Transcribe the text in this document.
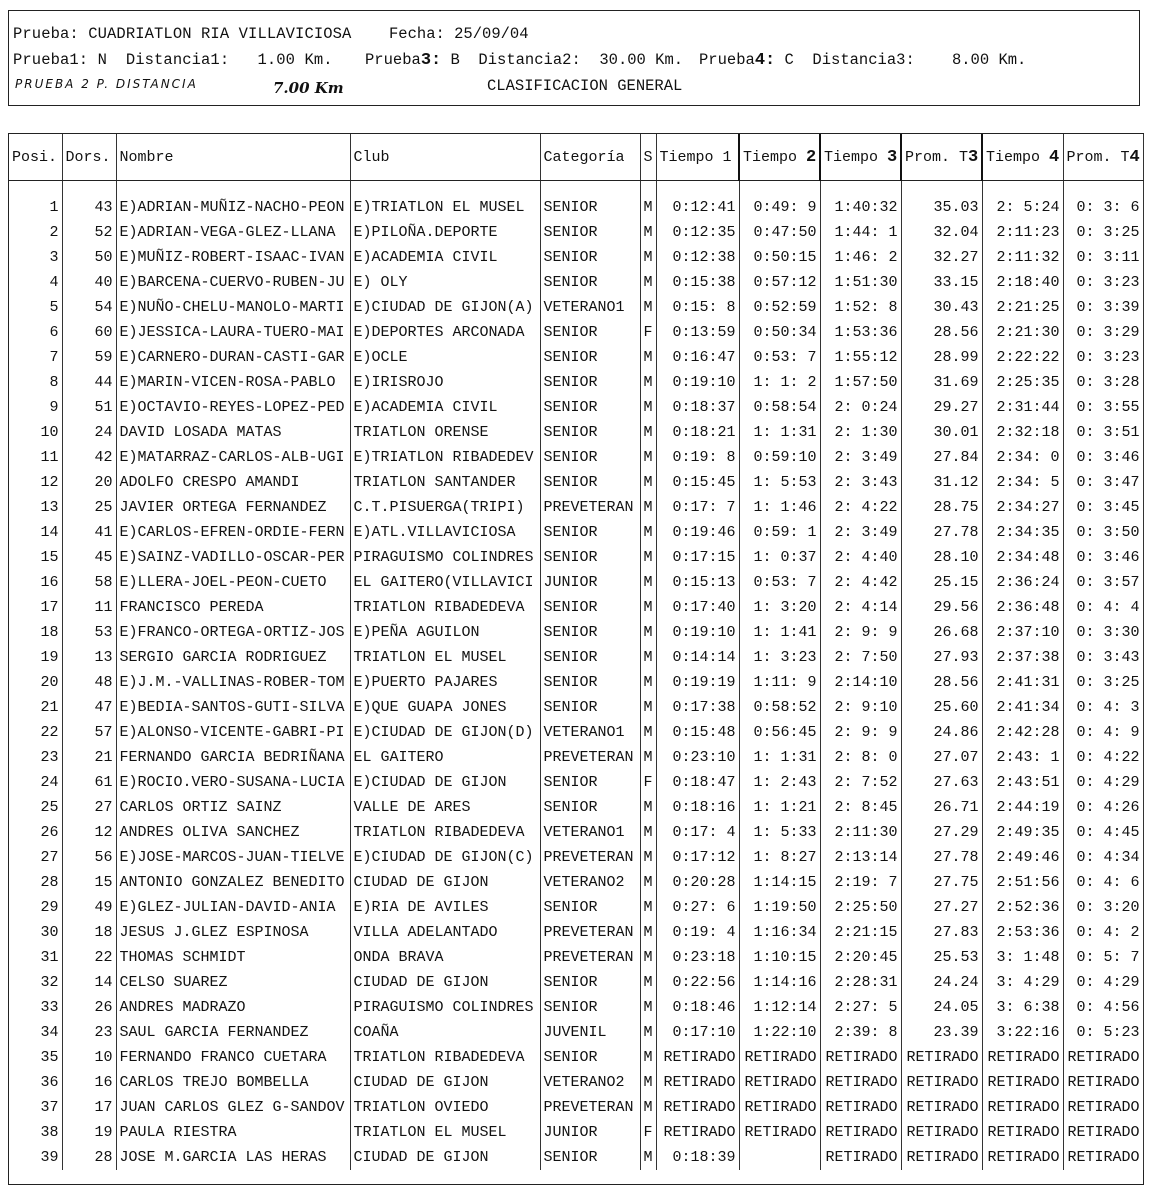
Prueba: CUADRIATLON RIA VILLAVICIOSA Fecha: 25/09/04
Prueba1: N  Distancia1:   1.00 Km. Prueba3: B  Distancia2:  30.00 Km. Prueba4: C  Distancia3:    8.00 Km.
PRUEBA 2 P. DISTANCIA	7.00 Km	CLASIFICACION GENERAL
Posi.	Dors.	Nombre	Club	Categoría	S	Tiempo 1	Tiempo 2	Tiempo 3	Prom. T3	Tiempo 4	Prom. T4

1	43	E)ADRIAN-MUÑIZ-NACHO-PEON	E)TRIATLON EL MUSEL	SENIOR	M	0:12:41	0:49: 9	1:40:32	35.03	2: 5:24	0: 3: 6
2	52	E)ADRIAN-VEGA-GLEZ-LLANA	E)PILOÑA.DEPORTE	SENIOR	M	0:12:35	0:47:50	1:44: 1	32.04	2:11:23	0: 3:25
3	50	E)MUÑIZ-ROBERT-ISAAC-IVAN	E)ACADEMIA CIVIL	SENIOR	M	0:12:38	0:50:15	1:46: 2	32.27	2:11:32	0: 3:11
4	40	E)BARCENA-CUERVO-RUBEN-JU	E) OLY	SENIOR	M	0:15:38	0:57:12	1:51:30	33.15	2:18:40	0: 3:23
5	54	E)NUÑO-CHELU-MANOLO-MARTI	E)CIUDAD DE GIJON(A)	VETERANO1	M	0:15: 8	0:52:59	1:52: 8	30.43	2:21:25	0: 3:39
6	60	E)JESSICA-LAURA-TUERO-MAI	E)DEPORTES ARCONADA	SENIOR	F	0:13:59	0:50:34	1:53:36	28.56	2:21:30	0: 3:29
7	59	E)CARNERO-DURAN-CASTI-GAR	E)OCLE	SENIOR	M	0:16:47	0:53: 7	1:55:12	28.99	2:22:22	0: 3:23
8	44	E)MARIN-VICEN-ROSA-PABLO	E)IRISROJO	SENIOR	M	0:19:10	1: 1: 2	1:57:50	31.69	2:25:35	0: 3:28
9	51	E)OCTAVIO-REYES-LOPEZ-PED	E)ACADEMIA CIVIL	SENIOR	M	0:18:37	0:58:54	2: 0:24	29.27	2:31:44	0: 3:55
10	24	DAVID LOSADA MATAS	TRIATLON ORENSE	SENIOR	M	0:18:21	1: 1:31	2: 1:30	30.01	2:32:18	0: 3:51
11	42	E)MATARRAZ-CARLOS-ALB-UGI	E)TRIATLON RIBADEDEV	SENIOR	M	0:19: 8	0:59:10	2: 3:49	27.84	2:34: 0	0: 3:46
12	20	ADOLFO CRESPO AMANDI	TRIATLON SANTANDER	SENIOR	M	0:15:45	1: 5:53	2: 3:43	31.12	2:34: 5	0: 3:47
13	25	JAVIER ORTEGA FERNANDEZ	C.T.PISUERGA(TRIPI)	PREVETERAN	M	0:17: 7	1: 1:46	2: 4:22	28.75	2:34:27	0: 3:45
14	41	E)CARLOS-EFREN-ORDIE-FERN	E)ATL.VILLAVICIOSA	SENIOR	M	0:19:46	0:59: 1	2: 3:49	27.78	2:34:35	0: 3:50
15	45	E)SAINZ-VADILLO-OSCAR-PER	PIRAGUISMO COLINDRES	SENIOR	M	0:17:15	1: 0:37	2: 4:40	28.10	2:34:48	0: 3:46
16	58	E)LLERA-JOEL-PEON-CUETO	EL GAITERO(VILLAVICI	JUNIOR	M	0:15:13	0:53: 7	2: 4:42	25.15	2:36:24	0: 3:57
17	11	FRANCISCO PEREDA	TRIATLON RIBADEDEVA	SENIOR	M	0:17:40	1: 3:20	2: 4:14	29.56	2:36:48	0: 4: 4
18	53	E)FRANCO-ORTEGA-ORTIZ-JOS	E)PEÑA AGUILON	SENIOR	M	0:19:10	1: 1:41	2: 9: 9	26.68	2:37:10	0: 3:30
19	13	SERGIO GARCIA RODRIGUEZ	TRIATLON EL MUSEL	SENIOR	M	0:14:14	1: 3:23	2: 7:50	27.93	2:37:38	0: 3:43
20	48	E)J.M.-VALLINAS-ROBER-TOM	E)PUERTO PAJARES	SENIOR	M	0:19:19	1:11: 9	2:14:10	28.56	2:41:31	0: 3:25
21	47	E)BEDIA-SANTOS-GUTI-SILVA	E)QUE GUAPA JONES	SENIOR	M	0:17:38	0:58:52	2: 9:10	25.60	2:41:34	0: 4: 3
22	57	E)ALONSO-VICENTE-GABRI-PI	E)CIUDAD DE GIJON(D)	VETERANO1	M	0:15:48	0:56:45	2: 9: 9	24.86	2:42:28	0: 4: 9
23	21	FERNANDO GARCIA BEDRIÑANA	EL GAITERO	PREVETERAN	M	0:23:10	1: 1:31	2: 8: 0	27.07	2:43: 1	0: 4:22
24	61	E)ROCIO.VERO-SUSANA-LUCIA	E)CIUDAD DE GIJON	SENIOR	F	0:18:47	1: 2:43	2: 7:52	27.63	2:43:51	0: 4:29
25	27	CARLOS ORTIZ SAINZ	VALLE DE ARES	SENIOR	M	0:18:16	1: 1:21	2: 8:45	26.71	2:44:19	0: 4:26
26	12	ANDRES OLIVA SANCHEZ	TRIATLON RIBADEDEVA	VETERANO1	M	0:17: 4	1: 5:33	2:11:30	27.29	2:49:35	0: 4:45
27	56	E)JOSE-MARCOS-JUAN-TIELVE	E)CIUDAD DE GIJON(C)	PREVETERAN	M	0:17:12	1: 8:27	2:13:14	27.78	2:49:46	0: 4:34
28	15	ANTONIO GONZALEZ BENEDITO	CIUDAD DE GIJON	VETERANO2	M	0:20:28	1:14:15	2:19: 7	27.75	2:51:56	0: 4: 6
29	49	E)GLEZ-JULIAN-DAVID-ANIA	E)RIA DE AVILES	SENIOR	M	0:27: 6	1:19:50	2:25:50	27.27	2:52:36	0: 3:20
30	18	JESUS J.GLEZ ESPINOSA	VILLA ADELANTADO	PREVETERAN	M	0:19: 4	1:16:34	2:21:15	27.83	2:53:36	0: 4: 2
31	22	THOMAS SCHMIDT	ONDA BRAVA	PREVETERAN	M	0:23:18	1:10:15	2:20:45	25.53	3: 1:48	0: 5: 7
32	14	CELSO SUAREZ	CIUDAD DE GIJON	SENIOR	M	0:22:56	1:14:16	2:28:31	24.24	3: 4:29	0: 4:29
33	26	ANDRES MADRAZO	PIRAGUISMO COLINDRES	SENIOR	M	0:18:46	1:12:14	2:27: 5	24.05	3: 6:38	0: 4:56
34	23	SAUL GARCIA FERNANDEZ	COAÑA	JUVENIL	M	0:17:10	1:22:10	2:39: 8	23.39	3:22:16	0: 5:23
35	10	FERNANDO FRANCO CUETARA	TRIATLON RIBADEDEVA	SENIOR	M	RETIRADO	RETIRADO	RETIRADO	RETIRADO	RETIRADO	RETIRADO
36	16	CARLOS TREJO BOMBELLA	CIUDAD DE GIJON	VETERANO2	M	RETIRADO	RETIRADO	RETIRADO	RETIRADO	RETIRADO	RETIRADO
37	17	JUAN CARLOS GLEZ G-SANDOV	TRIATLON OVIEDO	PREVETERAN	M	RETIRADO	RETIRADO	RETIRADO	RETIRADO	RETIRADO	RETIRADO
38	19	PAULA RIESTRA	TRIATLON EL MUSEL	JUNIOR	F	RETIRADO	RETIRADO	RETIRADO	RETIRADO	RETIRADO	RETIRADO
39	28	JOSE M.GARCIA LAS HERAS	CIUDAD DE GIJON	SENIOR	M	0:18:39		RETIRADO	RETIRADO	RETIRADO	RETIRADO
